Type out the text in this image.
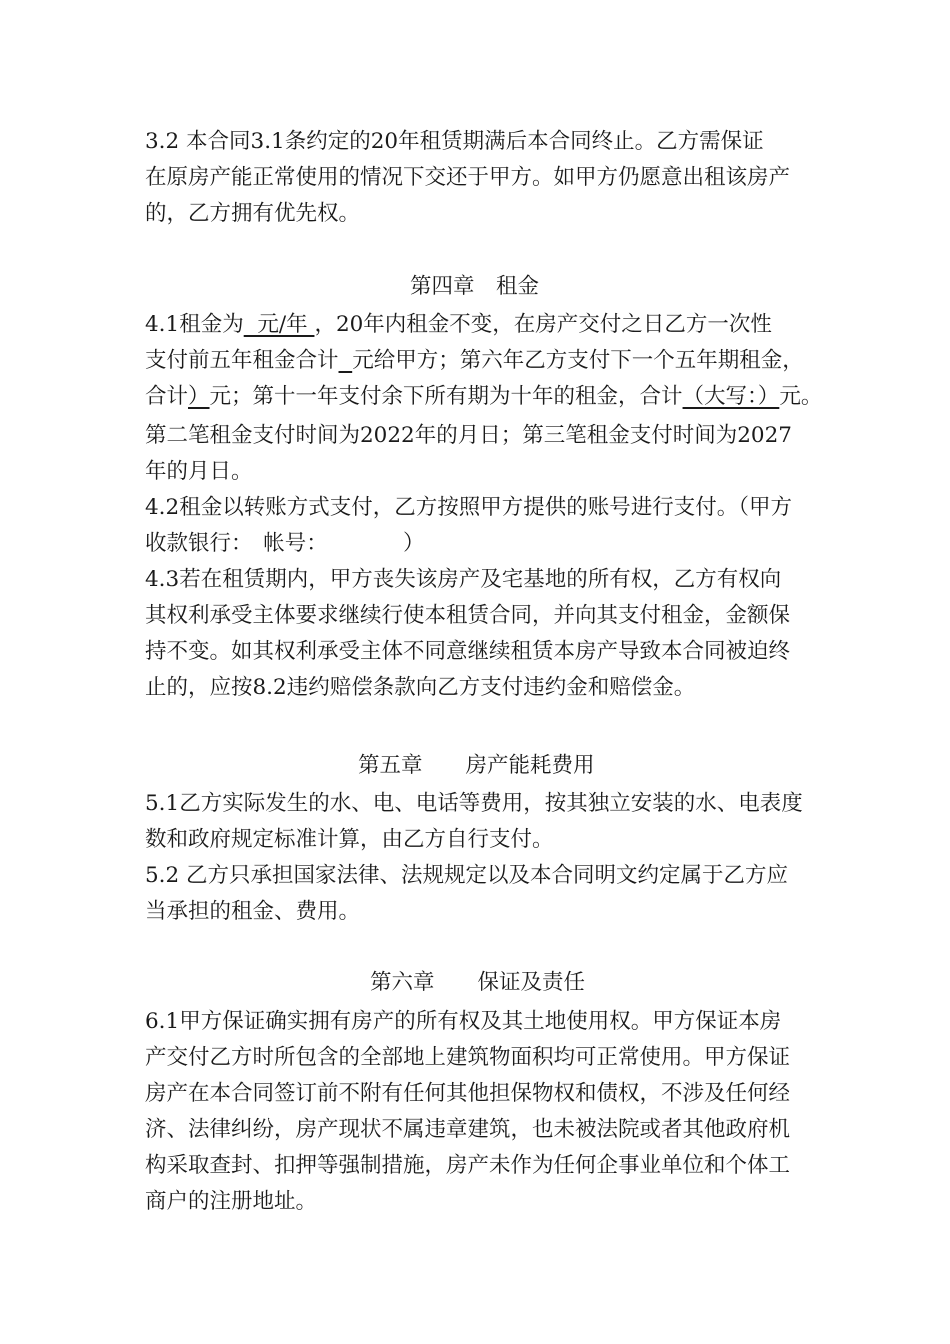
3.2 本合同3.1条约定的20年租赁期满后本合同终止。乙方需保证
在原房产能正常使用的情况下交还于甲方。如甲方仍愿意出租该房产
的，乙方拥有优先权。
第四章　租金
4.1租金为  元/年 ，20年内租金不变，在房产交付之日乙方一次性
支付前五年租金合计 元给甲方；第六年乙方支付下一个五年期租金，
合计）元；第十一年支付余下所有期为十年的租金，合计（大写：）元。
第二笔租金支付时间为2022年的月日；第三笔租金支付时间为2027
年的月日。
4.2租金以转账方式支付，乙方按照甲方提供的账号进行支付。（甲方
收款银行：　帐号：　　　　）
4.3若在租赁期内，甲方丧失该房产及宅基地的所有权，乙方有权向
其权利承受主体要求继续行使本租赁合同，并向其支付租金，金额保
持不变。如其权利承受主体不同意继续租赁本房产导致本合同被迫终
止的，应按8.2违约赔偿条款向乙方支付违约金和赔偿金。
第五章　　房产能耗费用
5.1乙方实际发生的水、电、电话等费用，按其独立安装的水、电表度
数和政府规定标准计算，由乙方自行支付。
5.2 乙方只承担国家法律、法规规定以及本合同明文约定属于乙方应
当承担的租金、费用。
第六章　　保证及责任
6.1甲方保证确实拥有房产的所有权及其土地使用权。甲方保证本房
产交付乙方时所包含的全部地上建筑物面积均可正常使用。甲方保证
房产在本合同签订前不附有任何其他担保物权和债权，不涉及任何经
济、法律纠纷，房产现状不属违章建筑，也未被法院或者其他政府机
构采取查封、扣押等强制措施，房产未作为任何企事业单位和个体工
商户的注册地址。
